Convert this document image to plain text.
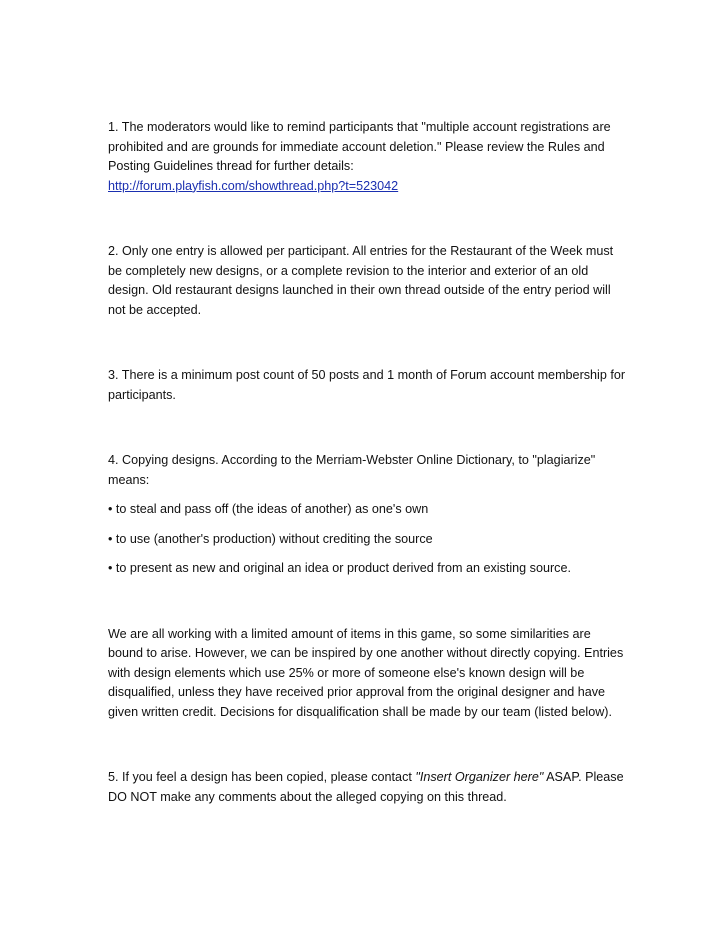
1. The moderators would like to remind participants that "multiple account registrations are prohibited and are grounds for immediate account deletion." Please review the Rules and Posting Guidelines thread for further details:
http://forum.playfish.com/showthread.php?t=523042

2. Only one entry is allowed per participant. All entries for the Restaurant of the Week must be completely new designs, or a complete revision to the interior and exterior of an old design. Old restaurant designs launched in their own thread outside of the entry period will not be accepted.

3. There is a minimum post count of 50 posts and 1 month of Forum account membership for participants.

4. Copying designs. According to the Merriam-Webster Online Dictionary, to "plagiarize" means:

• to steal and pass off (the ideas of another) as one's own

• to use (another's production) without crediting the source

• to present as new and original an idea or product derived from an existing source.

We are all working with a limited amount of items in this game, so some similarities are bound to arise. However, we can be inspired by one another without directly copying. Entries with design elements which use 25% or more of someone else's known design will be disqualified, unless they have received prior approval from the original designer and have given written credit. Decisions for disqualification shall be made by our team (listed below).

5. If you feel a design has been copied, please contact "Insert Organizer here" ASAP. Please DO NOT make any comments about the alleged copying on this thread.
